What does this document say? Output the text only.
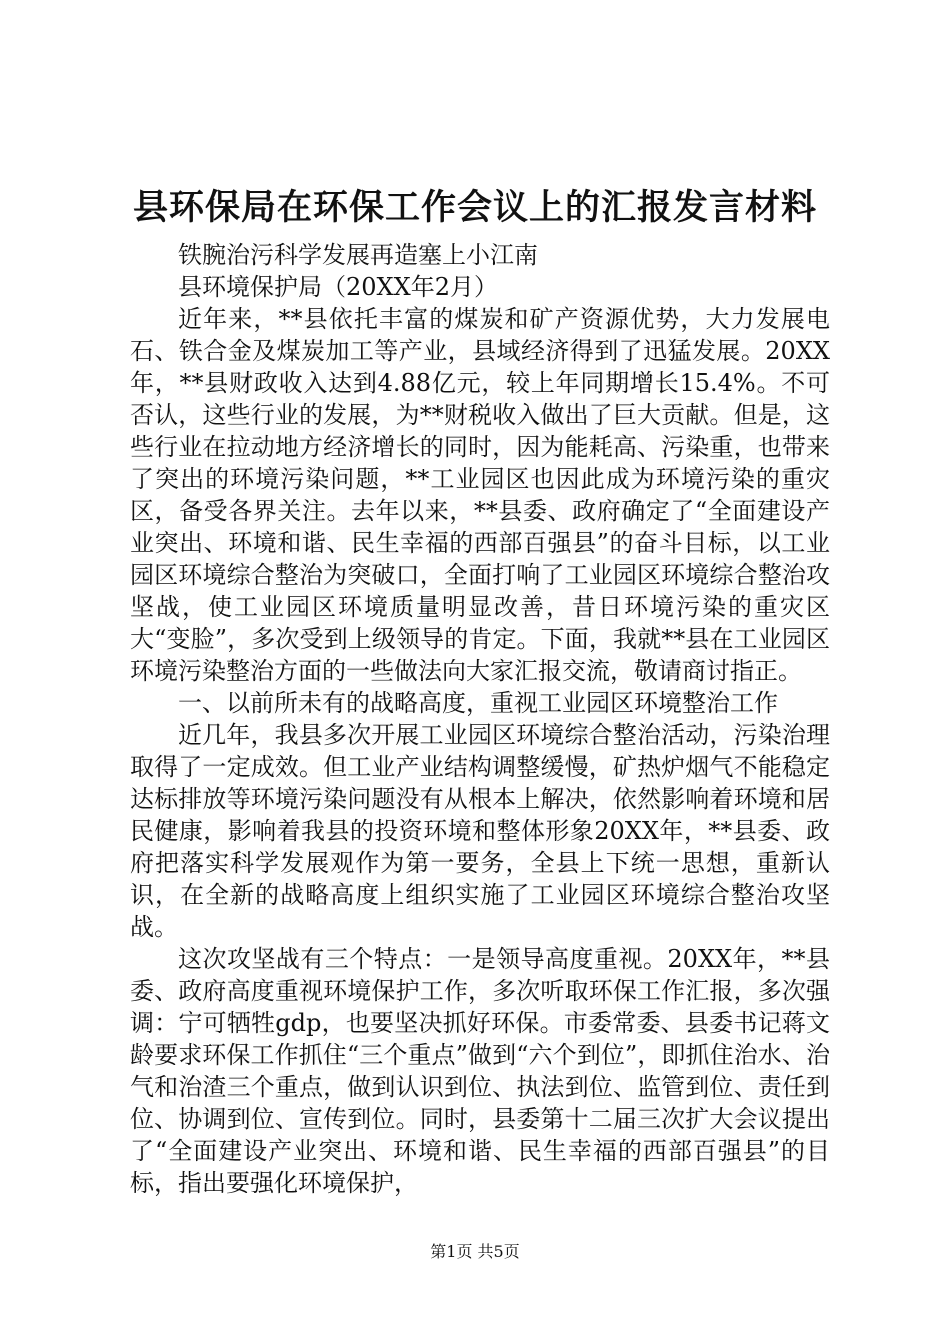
县环保局在环保工作会议上的汇报发言材料

铁腕治污科学发展再造塞上小江南

县环境保护局（20XX年2月）

近年来，**县依托丰富的煤炭和矿产资源优势，大力发展电石、铁合金及煤炭加工等产业，县域经济得到了迅猛发展。20XX年，**县财政收入达到4.88亿元，较上年同期增长15.4%。不可否认，这些行业的发展，为**财税收入做出了巨大贡献。但是，这些行业在拉动地方经济增长的同时，因为能耗高、污染重，也带来了突出的环境污染问题，**工业园区也因此成为环境污染的重灾区，备受各界关注。去年以来，**县委、政府确定了“全面建设产业突出、环境和谐、民生幸福的西部百强县”的奋斗目标，以工业园区环境综合整治为突破口，全面打响了工业园区环境综合整治攻坚战，使工业园区环境质量明显改善，昔日环境污染的重灾区大“变脸”，多次受到上级领导的肯定。下面，我就**县在工业园区环境污染整治方面的一些做法向大家汇报交流，敬请商讨指正。

一、以前所未有的战略高度，重视工业园区环境整治工作

近几年，我县多次开展工业园区环境综合整治活动，污染治理取得了一定成效。但工业产业结构调整缓慢，矿热炉烟气不能稳定达标排放等环境污染问题没有从根本上解决，依然影响着环境和居民健康，影响着我县的投资环境和整体形象20XX年，**县委、政府把落实科学发展观作为第一要务，全县上下统一思想，重新认识，在全新的战略高度上组织实施了工业园区环境综合整治攻坚战。

这次攻坚战有三个特点：一是领导高度重视。20XX年，**县委、政府高度重视环境保护工作，多次听取环保工作汇报，多次强调：宁可牺牲gdp，也要坚决抓好环保。市委常委、县委书记蒋文龄要求环保工作抓住“三个重点”做到“六个到位”，即抓住治水、治气和治渣三个重点，做到认识到位、执法到位、监管到位、责任到位、协调到位、宣传到位。同时，县委第十二届三次扩大会议提出了“全面建设产业突出、环境和谐、民生幸福的西部百强县”的目标，指出要强化环境保护，

第1页 共5页
